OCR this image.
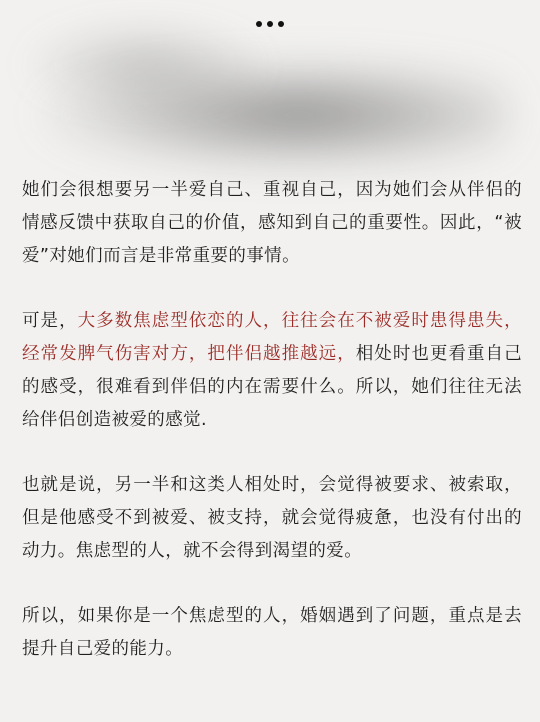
她们会很想要另一半爱自己、重视自己，因为她们会从伴侣的情感反馈中获取自己的价值，感知到自己的重要性。因此，“被爱”对她们而言是非常重要的事情。

可是，大多数焦虑型依恋的人，往往会在不被爱时患得患失，经常发脾气伤害对方，把伴侣越推越远，相处时也更看重自己的感受，很难看到伴侣的内在需要什么。所以，她们往往无法给伴侣创造被爱的感觉.

也就是说，另一半和这类人相处时，会觉得被要求、被索取，但是他感受不到被爱、被支持，就会觉得疲惫，也没有付出的动力。焦虑型的人，就不会得到渴望的爱。

所以，如果你是一个焦虑型的人，婚姻遇到了问题，重点是去提升自己爱的能力。
